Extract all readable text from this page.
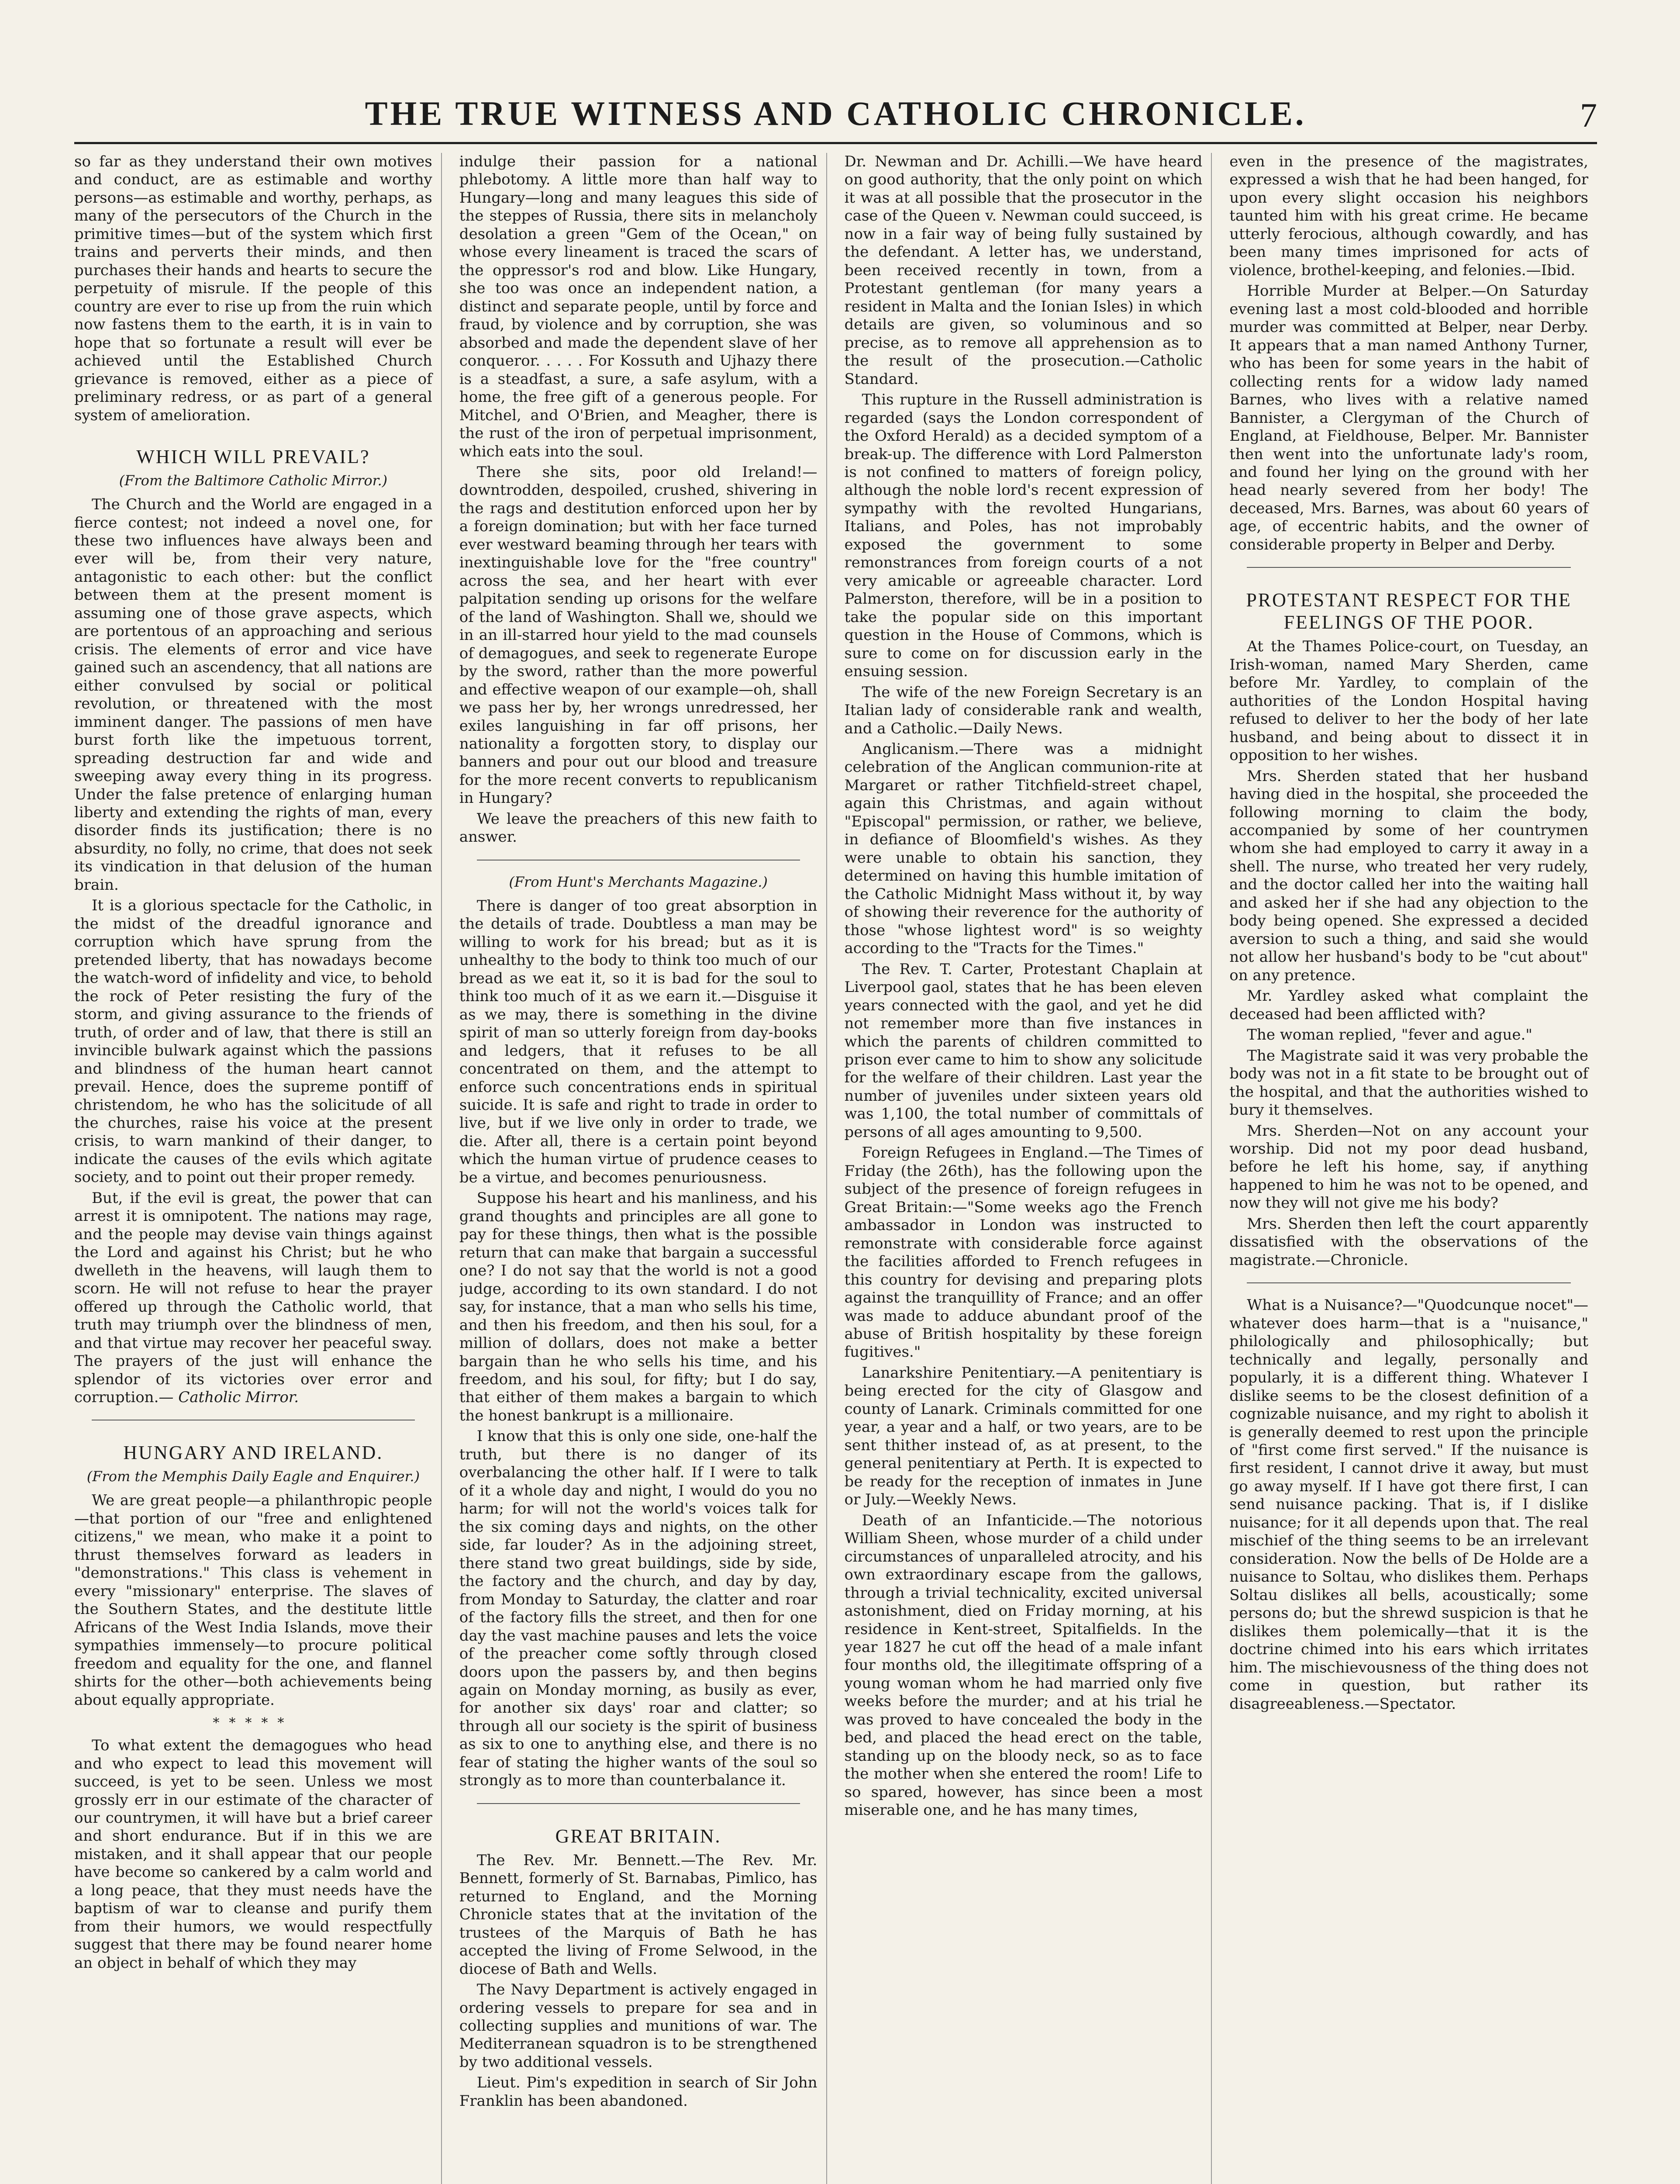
THE TRUE WITNESS AND CATHOLIC CHRONICLE.	7

so far as they understand their own motives and conduct, are as estimable and worthy persons—as estimable and worthy, perhaps, as many of the persecutors of the Church in the primitive times—but of the system which first trains and perverts their minds, and then purchases their hands and hearts to secure the perpetuity of misrule. If the people of this country are ever to rise up from the ruin which now fastens them to the earth, it is in vain to hope that so fortunate a result will ever be achieved until the Established Church grievance is removed, either as a piece of preliminary redress, or as part of a general system of amelioration.

WHICH WILL PREVAIL?
(From the Baltimore Catholic Mirror.)

The Church and the World are engaged in a fierce contest; not indeed a novel one, for these two influences have always been and ever will be, from their very nature, antagonistic to each other: but the conflict between them at the present moment is assuming one of those grave aspects, which are portentous of an approaching and serious crisis. The elements of error and vice have gained such an ascendency, that all nations are either convulsed by social or political revolution, or threatened with the most imminent danger. The passions of men have burst forth like the impetuous torrent, spreading destruction far and wide and sweeping away every thing in its progress. Under the false pretence of enlarging human liberty and extending the rights of man, every disorder finds its justification; there is no absurdity, no folly, no crime, that does not seek its vindication in that delusion of the human brain.

It is a glorious spectacle for the Catholic, in the midst of the dreadful ignorance and corruption which have sprung from the pretended liberty, that has nowadays become the watch-word of infidelity and vice, to behold the rock of Peter resisting the fury of the storm, and giving assurance to the friends of truth, of order and of law, that there is still an invincible bulwark against which the passions and blindness of the human heart cannot prevail. Hence, does the supreme pontiff of christendom, he who has the solicitude of all the churches, raise his voice at the present crisis, to warn mankind of their danger, to indicate the causes of the evils which agitate society, and to point out their proper remedy.

But, if the evil is great, the power that can arrest it is omnipotent. The nations may rage, and the people may devise vain things against the Lord and against his Christ; but he who dwelleth in the heavens, will laugh them to scorn. He will not refuse to hear the prayer offered up through the Catholic world, that truth may triumph over the blindness of men, and that virtue may recover her peaceful sway. The prayers of the just will enhance the splendor of its victories over error and corruption.— Catholic Mirror.

HUNGARY AND IRELAND.
(From the Memphis Daily Eagle and Enquirer.)

We are great people—a philanthropic people—that portion of our "free and enlightened citizens," we mean, who make it a point to thrust themselves forward as leaders in "demonstrations." This class is vehement in every "missionary" enterprise. The slaves of the Southern States, and the destitute little Africans of the West India Islands, move their sympathies immensely—to procure political freedom and equality for the one, and flannel shirts for the other—both achievements being about equally appropriate.

*****

To what extent the demagogues who head and who expect to lead this movement will succeed, is yet to be seen. Unless we most grossly err in our estimate of the character of our countrymen, it will have but a brief career and short endurance. But if in this we are mistaken, and it shall appear that our people have become so cankered by a calm world and a long peace, that they must needs have the baptism of war to cleanse and purify them from their humors, we would respectfully suggest that there may be found nearer home an object in behalf of which they may

indulge their passion for a national phlebotomy. A little more than half way to Hungary—long and many leagues this side of the steppes of Russia, there sits in melancholy desolation a green "Gem of the Ocean," on whose every lineament is traced the scars of the oppressor's rod and blow. Like Hungary, she too was once an independent nation, a distinct and separate people, until by force and fraud, by violence and by corruption, she was absorbed and made the dependent slave of her conqueror. . . . . For Kossuth and Ujhazy there is a steadfast, a sure, a safe asylum, with a home, the free gift of a generous people. For Mitchel, and O'Brien, and Meagher, there is the rust of the iron of perpetual imprisonment, which eats into the soul.

There she sits, poor old Ireland!—downtrodden, despoiled, crushed, shivering in the rags and destitution enforced upon her by a foreign domination; but with her face turned ever westward beaming through her tears with inextinguishable love for the "free country" across the sea, and her heart with ever palpitation sending up orisons for the welfare of the land of Washington. Shall we, should we in an ill-starred hour yield to the mad counsels of demagogues, and seek to regenerate Europe by the sword, rather than the more powerful and effective weapon of our example—oh, shall we pass her by, her wrongs unredressed, her exiles languishing in far off prisons, her nationality a forgotten story, to display our banners and pour out our blood and treasure for the more recent converts to republicanism in Hungary?

We leave the preachers of this new faith to answer.

(From Hunt's Merchants Magazine.)

There is danger of too great absorption in the details of trade. Doubtless a man may be willing to work for his bread; but as it is unhealthy to the body to think too much of our bread as we eat it, so it is bad for the soul to think too much of it as we earn it.—Disguise it as we may, there is something in the divine spirit of man so utterly foreign from day-books and ledgers, that it refuses to be all concentrated on them, and the attempt to enforce such concentrations ends in spiritual suicide. It is safe and right to trade in order to live, but if we live only in order to trade, we die. After all, there is a certain point beyond which the human virtue of prudence ceases to be a virtue, and becomes penuriousness.

Suppose his heart and his manliness, and his grand thoughts and principles are all gone to pay for these things, then what is the possible return that can make that bargain a successful one? I do not say that the world is not a good judge, according to its own standard. I do not say, for instance, that a man who sells his time, and then his freedom, and then his soul, for a million of dollars, does not make a better bargain than he who sells his time, and his freedom, and his soul, for fifty; but I do say, that either of them makes a bargain to which the honest bankrupt is a millionaire.

I know that this is only one side, one-half the truth, but there is no danger of its overbalancing the other half. If I were to talk of it a whole day and night, I would do you no harm; for will not the world's voices talk for the six coming days and nights, on the other side, far louder? As in the adjoining street, there stand two great buildings, side by side, the factory and the church, and day by day, from Monday to Saturday, the clatter and roar of the factory fills the street, and then for one day the vast machine pauses and lets the voice of the preacher come softly through closed doors upon the passers by, and then begins again on Monday morning, as busily as ever, for another six days' roar and clatter; so through all our society is the spirit of business as six to one to anything else, and there is no fear of stating the higher wants of the soul so strongly as to more than counterbalance it.

GREAT BRITAIN.

The Rev. Mr. Bennett.—The Rev. Mr. Bennett, formerly of St. Barnabas, Pimlico, has returned to England, and the Morning Chronicle states that at the invitation of the trustees of the Marquis of Bath he has accepted the living of Frome Selwood, in the diocese of Bath and Wells.

The Navy Department is actively engaged in ordering vessels to prepare for sea and in collecting supplies and munitions of war. The Mediterranean squadron is to be strengthened by two additional vessels.

Lieut. Pim's expedition in search of Sir John Franklin has been abandoned.

Dr. Newman and Dr. Achilli.—We have heard on good authority, that the only point on which it was at all possible that the prosecutor in the case of the Queen v. Newman could succeed, is now in a fair way of being fully sustained by the defendant. A letter has, we understand, been received recently in town, from a Protestant gentleman (for many years a resident in Malta and the Ionian Isles) in which details are given, so voluminous and so precise, as to remove all apprehension as to the result of the prosecution.—Catholic Standard.

This rupture in the Russell administration is regarded (says the London correspondent of the Oxford Herald) as a decided symptom of a break-up. The difference with Lord Palmerston is not confined to matters of foreign policy, although the noble lord's recent expression of sympathy with the revolted Hungarians, Italians, and Poles, has not improbably exposed the government to some remonstrances from foreign courts of a not very amicable or agreeable character. Lord Palmerston, therefore, will be in a position to take the popular side on this important question in the House of Commons, which is sure to come on for discussion early in the ensuing session.

The wife of the new Foreign Secretary is an Italian lady of considerable rank and wealth, and a Catholic.—Daily News.

Anglicanism.—There was a midnight celebration of the Anglican communion-rite at Margaret or rather Titchfield-street chapel, again this Christmas, and again without "Episcopal" permission, or rather, we believe, in defiance of Bloomfield's wishes. As they were unable to obtain his sanction, they determined on having this humble imitation of the Catholic Midnight Mass without it, by way of showing their reverence for the authority of those "whose lightest word" is so weighty according to the "Tracts for the Times."

The Rev. T. Carter, Protestant Chaplain at Liverpool gaol, states that he has been eleven years connected with the gaol, and yet he did not remember more than five instances in which the parents of children committed to prison ever came to him to show any solicitude for the welfare of their children. Last year the number of juveniles under sixteen years old was 1,100, the total number of committals of persons of all ages amounting to 9,500.

Foreign Refugees in England.—The Times of Friday (the 26th), has the following upon the subject of the presence of foreign refugees in Great Britain:—"Some weeks ago the French ambassador in London was instructed to remonstrate with considerable force against the facilities afforded to French refugees in this country for devising and preparing plots against the tranquillity of France; and an offer was made to adduce abundant proof of the abuse of British hospitality by these foreign fugitives."

Lanarkshire Penitentiary.—A penitentiary is being erected for the city of Glasgow and county of Lanark. Criminals committed for one year, a year and a half, or two years, are to be sent thither instead of, as at present, to the general penitentiary at Perth. It is expected to be ready for the reception of inmates in June or July.—Weekly News.

Death of an Infanticide.—The notorious William Sheen, whose murder of a child under circumstances of unparalleled atrocity, and his own extraordinary escape from the gallows, through a trivial technicality, excited universal astonishment, died on Friday morning, at his residence in Kent-street, Spitalfields. In the year 1827 he cut off the head of a male infant four months old, the illegitimate offspring of a young woman whom he had married only five weeks before the murder; and at his trial he was proved to have concealed the body in the bed, and placed the head erect on the table, standing up on the bloody neck, so as to face the mother when she entered the room! Life to so spared, however, has since been a most miserable one, and he has many times,

even in the presence of the magistrates, expressed a wish that he had been hanged, for upon every slight occasion his neighbors taunted him with his great crime. He became utterly ferocious, although cowardly, and has been many times imprisoned for acts of violence, brothel-keeping, and felonies.—Ibid.

Horrible Murder at Belper.—On Saturday evening last a most cold-blooded and horrible murder was committed at Belper, near Derby. It appears that a man named Anthony Turner, who has been for some years in the habit of collecting rents for a widow lady named Barnes, who lives with a relative named Bannister, a Clergyman of the Church of England, at Fieldhouse, Belper. Mr. Bannister then went into the unfortunate lady's room, and found her lying on the ground with her head nearly severed from her body! The deceased, Mrs. Barnes, was about 60 years of age, of eccentric habits, and the owner of considerable property in Belper and Derby.

PROTESTANT RESPECT FOR THE FEELINGS OF THE POOR.

At the Thames Police-court, on Tuesday, an Irish-woman, named Mary Sherden, came before Mr. Yardley, to complain of the authorities of the London Hospital having refused to deliver to her the body of her late husband, and being about to dissect it in opposition to her wishes.

Mrs. Sherden stated that her husband having died in the hospital, she proceeded the following morning to claim the body, accompanied by some of her countrymen whom she had employed to carry it away in a shell. The nurse, who treated her very rudely, and the doctor called her into the waiting hall and asked her if she had any objection to the body being opened. She expressed a decided aversion to such a thing, and said she would not allow her husband's body to be "cut about" on any pretence.

Mr. Yardley asked what complaint the deceased had been afflicted with?

The woman replied, "fever and ague."

The Magistrate said it was very probable the body was not in a fit state to be brought out of the hospital, and that the authorities wished to bury it themselves.

Mrs. Sherden—Not on any account your worship. Did not my poor dead husband, before he left his home, say, if anything happened to him he was not to be opened, and now they will not give me his body?

Mrs. Sherden then left the court apparently dissatisfied with the observations of the magistrate.—Chronicle.

What is a Nuisance?—"Quodcunque nocet"—whatever does harm—that is a "nuisance," philologically and philosophically; but technically and legally, personally and popularly, it is a different thing. Whatever I dislike seems to be the closest definition of a cognizable nuisance, and my right to abolish it is generally deemed to rest upon the principle of "first come first served." If the nuisance is first resident, I cannot drive it away, but must go away myself. If I have got there first, I can send nuisance packing. That is, if I dislike nuisance; for it all depends upon that. The real mischief of the thing seems to be an irrelevant consideration. Now the bells of De Holde are a nuisance to Soltau, who dislikes them. Perhaps Soltau dislikes all bells, acoustically; some persons do; but the shrewd suspicion is that he dislikes them polemically—that it is the doctrine chimed into his ears which irritates him. The mischievousness of the thing does not come in question, but rather its disagreeableness.—Spectator.
